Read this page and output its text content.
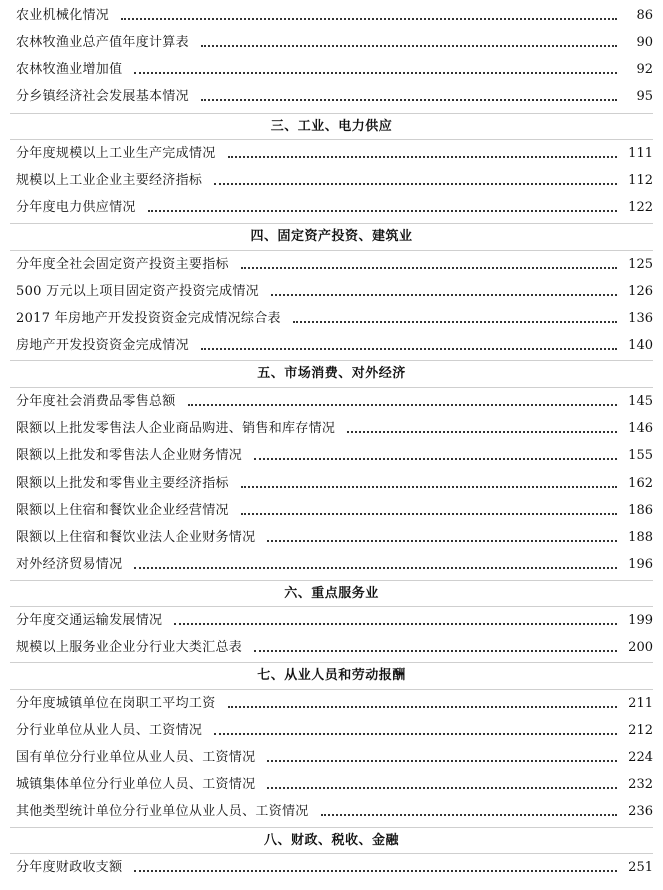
农业机械化情况	86
农林牧渔业总产值年度计算表	90
农林牧渔业增加值	92
分乡镇经济社会发展基本情况	95
三、工业、电力供应
分年度规模以上工业生产完成情况	111
规模以上工业企业主要经济指标	112
分年度电力供应情况	122
四、固定资产投资、建筑业
分年度全社会固定资产投资主要指标	125
500 万元以上项目固定资产投资完成情况	126
2017 年房地产开发投资资金完成情况综合表	136
房地产开发投资资金完成情况	140
五、市场消费、对外经济
分年度社会消费品零售总额	145
限额以上批发零售法人企业商品购进、销售和库存情况	146
限额以上批发和零售法人企业财务情况	155
限额以上批发和零售业主要经济指标	162
限额以上住宿和餐饮业企业经营情况	186
限额以上住宿和餐饮业法人企业财务情况	188
对外经济贸易情况	196
六、重点服务业
分年度交通运输发展情况	199
规模以上服务业企业分行业大类汇总表	200
七、从业人员和劳动报酬
分年度城镇单位在岗职工平均工资	211
分行业单位从业人员、工资情况	212
国有单位分行业单位从业人员、工资情况	224
城镇集体单位分行业单位人员、工资情况	232
其他类型统计单位分行业单位从业人员、工资情况	236
八、财政、税收、金融
分年度财政收支额	251
